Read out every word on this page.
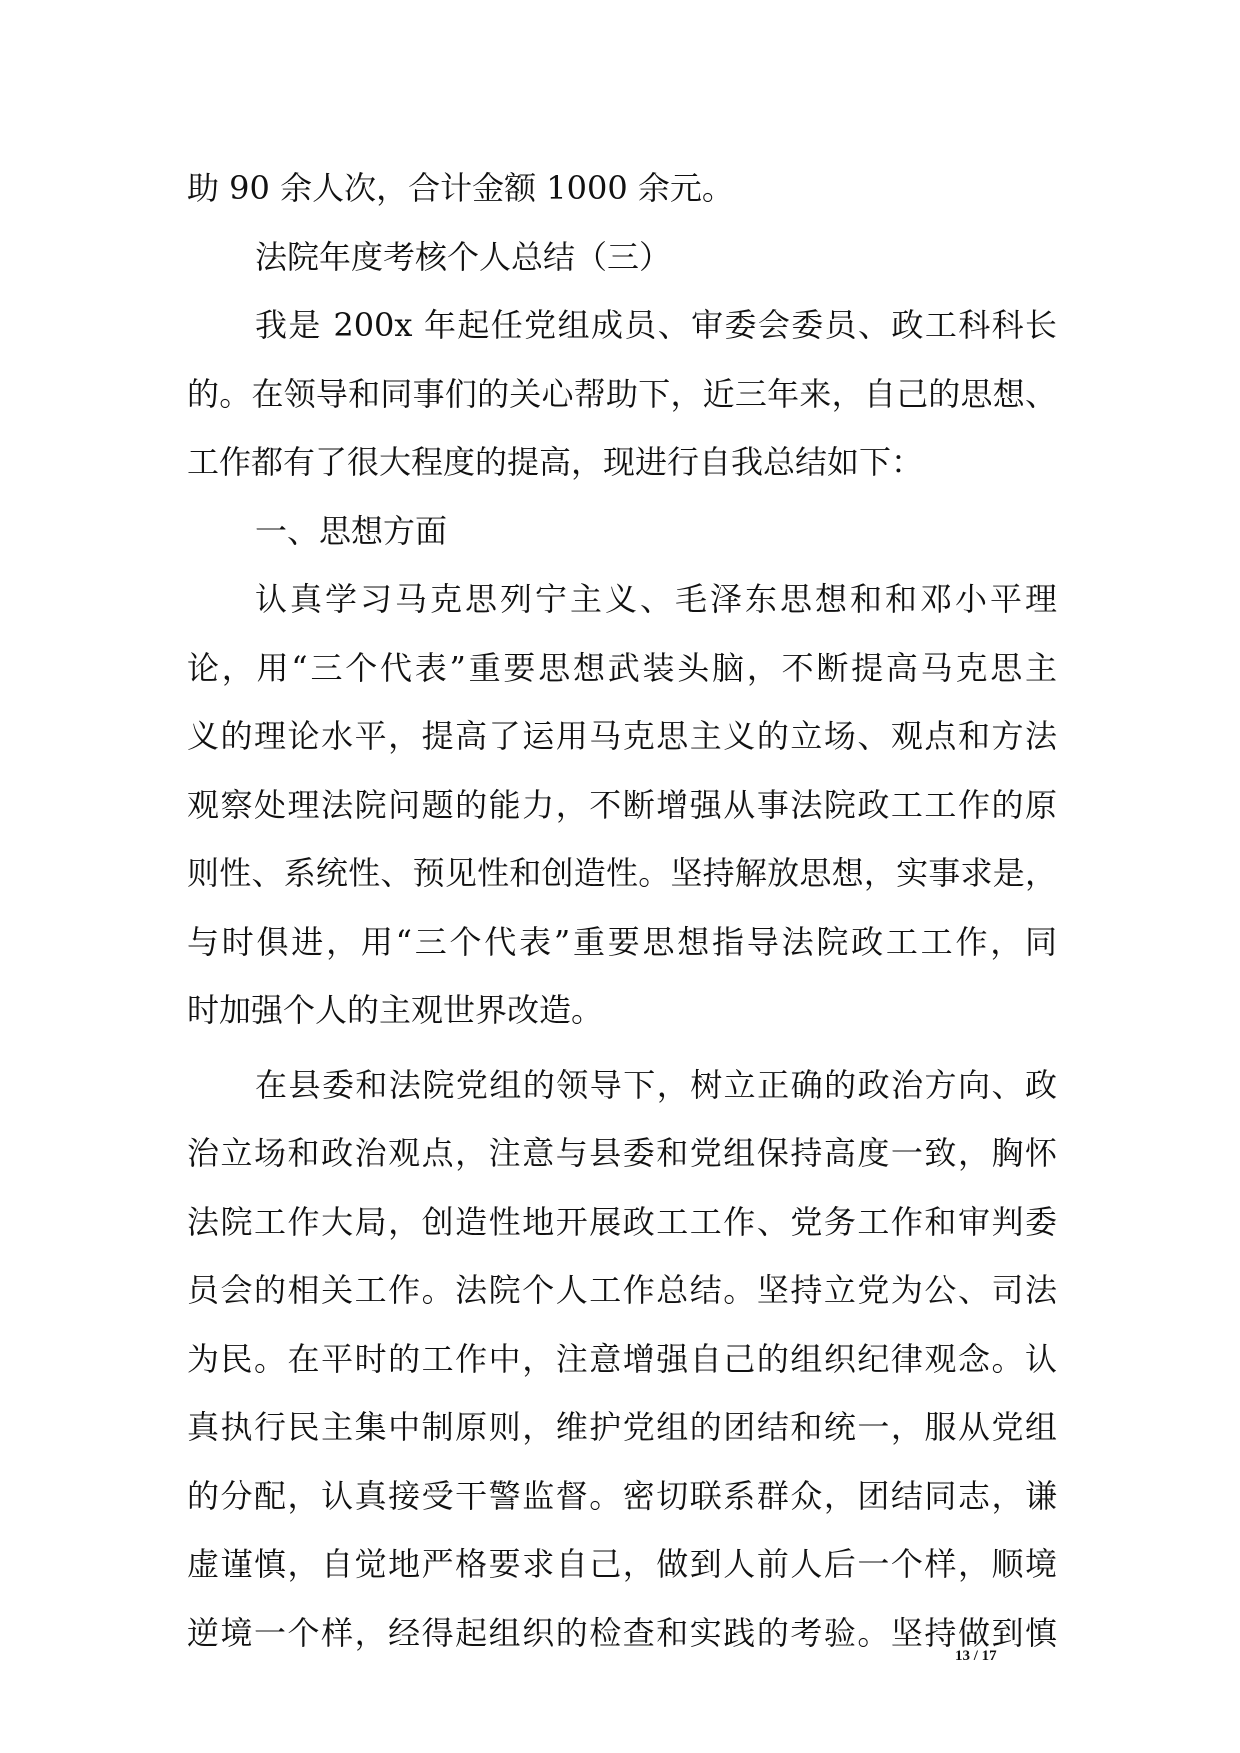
助 90 余人次，合计金额 1000 余元。
法院年度考核个人总结（三）
我是 200x 年起任党组成员、审委会委员、政工科科长
的。在领导和同事们的关心帮助下，近三年来，自己的思想、
工作都有了很大程度的提高，现进行自我总结如下：
一、思想方面
认真学习马克思列宁主义、毛泽东思想和和邓小平理
论，用“三个代表”重要思想武装头脑，不断提高马克思主
义的理论水平，提高了运用马克思主义的立场、观点和方法
观察处理法院问题的能力，不断增强从事法院政工工作的原
则性、系统性、预见性和创造性。坚持解放思想，实事求是，
与时俱进，用“三个代表”重要思想指导法院政工工作，同
时加强个人的主观世界改造。
在县委和法院党组的领导下，树立正确的政治方向、政
治立场和政治观点，注意与县委和党组保持高度一致，胸怀
法院工作大局，创造性地开展政工工作、党务工作和审判委
员会的相关工作。法院个人工作总结。坚持立党为公、司法
为民。在平时的工作中，注意增强自己的组织纪律观念。认
真执行民主集中制原则，维护党组的团结和统一，服从党组
的分配，认真接受干警监督。密切联系群众，团结同志，谦
虚谨慎，自觉地严格要求自己，做到人前人后一个样，顺境
逆境一个样，经得起组织的检查和实践的考验。坚持做到慎
13 / 17
